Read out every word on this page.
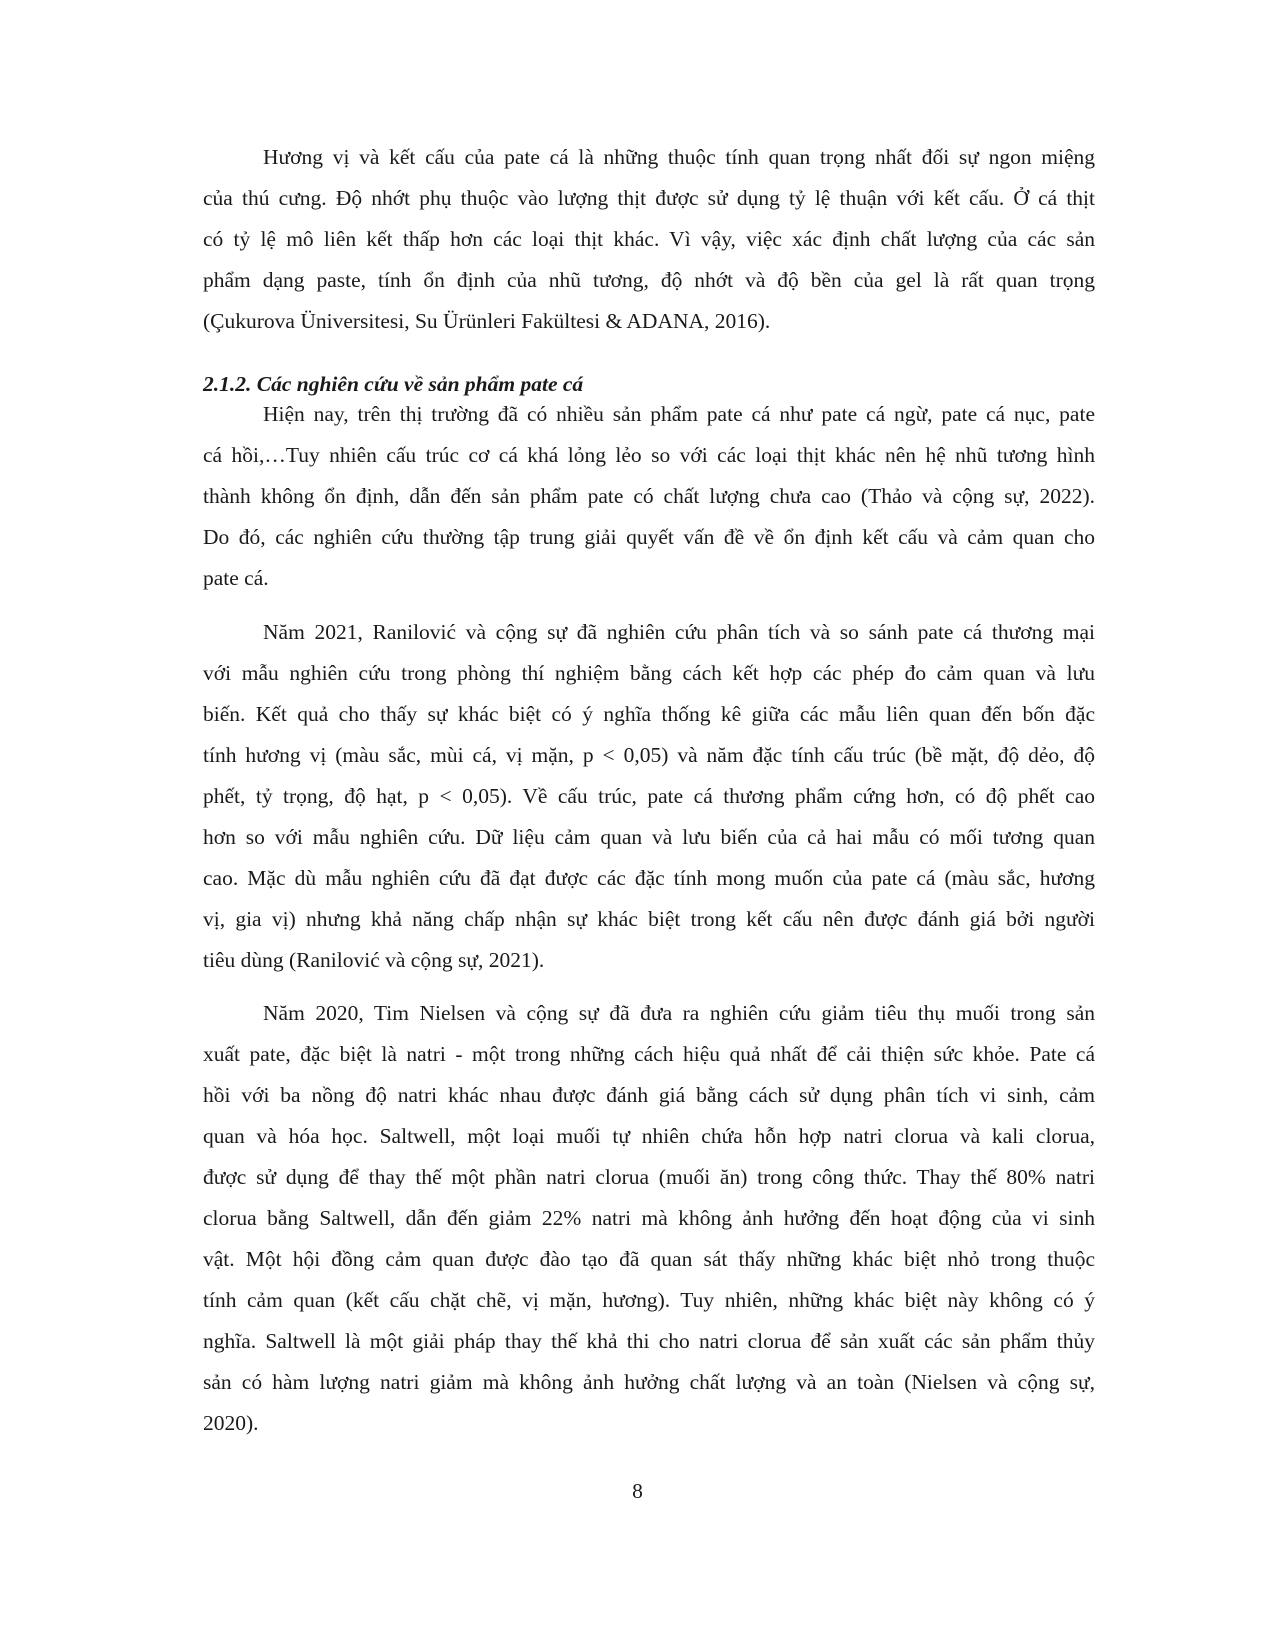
Hương vị và kết cấu của pate cá là những thuộc tính quan trọng nhất đối sự ngon miệng
của thú cưng. Độ nhớt phụ thuộc vào lượng thịt được sử dụng tỷ lệ thuận với kết cấu. Ở cá thịt
có tỷ lệ mô liên kết thấp hơn các loại thịt khác. Vì vậy, việc xác định chất lượng của các sản
phẩm dạng paste, tính ổn định của nhũ tương, độ nhớt và độ bền của gel là rất quan trọng
(Çukurova Üniversitesi, Su Ürünleri Fakültesi & ADANA, 2016).
2.1.2. Các nghiên cứu về sản phẩm pate cá
Hiện nay, trên thị trường đã có nhiều sản phẩm pate cá như pate cá ngừ, pate cá nục, pate
cá hồi,…Tuy nhiên cấu trúc cơ cá khá lỏng lẻo so với các loại thịt khác nên hệ nhũ tương hình
thành không ổn định, dẫn đến sản phẩm pate có chất lượng chưa cao (Thảo và cộng sự, 2022).
Do đó, các nghiên cứu thường tập trung giải quyết vấn đề về ổn định kết cấu và cảm quan cho
pate cá.
Năm 2021, Ranilović và cộng sự đã nghiên cứu phân tích và so sánh pate cá thương mại
với mẫu nghiên cứu trong phòng thí nghiệm bằng cách kết hợp các phép đo cảm quan và lưu
biến. Kết quả cho thấy sự khác biệt có ý nghĩa thống kê giữa các mẫu liên quan đến bốn đặc
tính hương vị (màu sắc, mùi cá, vị mặn, p < 0,05) và năm đặc tính cấu trúc (bề mặt, độ dẻo, độ
phết, tỷ trọng, độ hạt, p < 0,05). Về cấu trúc, pate cá thương phẩm cứng hơn, có độ phết cao
hơn so với mẫu nghiên cứu. Dữ liệu cảm quan và lưu biến của cả hai mẫu có mối tương quan
cao. Mặc dù mẫu nghiên cứu đã đạt được các đặc tính mong muốn của pate cá (màu sắc, hương
vị, gia vị) nhưng khả năng chấp nhận sự khác biệt trong kết cấu nên được đánh giá bởi người
tiêu dùng (Ranilović và cộng sự, 2021).
Năm 2020, Tim Nielsen và cộng sự đã đưa ra nghiên cứu giảm tiêu thụ muối trong sản
xuất pate, đặc biệt là natri - một trong những cách hiệu quả nhất để cải thiện sức khỏe. Pate cá
hồi với ba nồng độ natri khác nhau được đánh giá bằng cách sử dụng phân tích vi sinh, cảm
quan và hóa học. Saltwell, một loại muối tự nhiên chứa hỗn hợp natri clorua và kali clorua,
được sử dụng để thay thế một phần natri clorua (muối ăn) trong công thức. Thay thế 80% natri
clorua bằng Saltwell, dẫn đến giảm 22% natri mà không ảnh hưởng đến hoạt động của vi sinh
vật. Một hội đồng cảm quan được đào tạo đã quan sát thấy những khác biệt nhỏ trong thuộc
tính cảm quan (kết cấu chặt chẽ, vị mặn, hương). Tuy nhiên, những khác biệt này không có ý
nghĩa. Saltwell là một giải pháp thay thế khả thi cho natri clorua để sản xuất các sản phẩm thủy
sản có hàm lượng natri giảm mà không ảnh hưởng chất lượng và an toàn (Nielsen và cộng sự,
2020).
8
